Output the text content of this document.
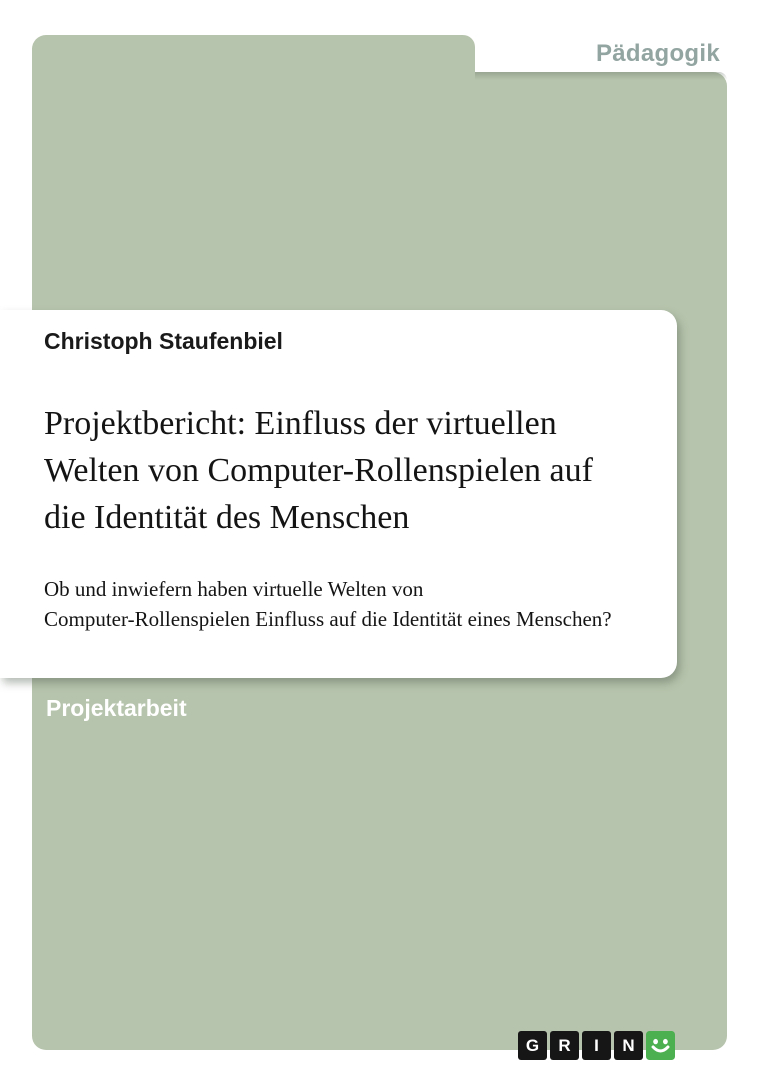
Pädagogik
Christoph Staufenbiel
Projektbericht: Einfluss der virtuellen
Welten von Computer-Rollenspielen auf
die Identität des Menschen
Ob und inwiefern haben virtuelle Welten von
Computer-Rollenspielen Einfluss auf die Identität eines Menschen?
Projektarbeit
G	R	I	N
